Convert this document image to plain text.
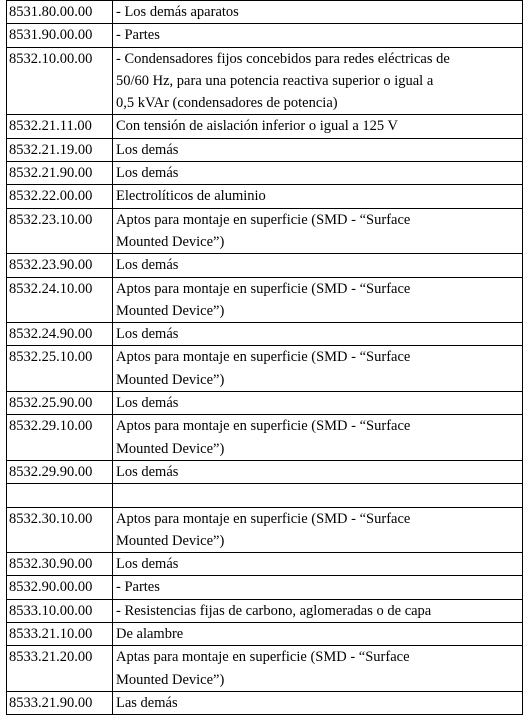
8531.80.00.00	- Los demás aparatos

8531.90.00.00	- Partes

8532.10.00.00	- Condensadores fijos concebidos para redes eléctricas de
50/60 Hz, para una potencia reactiva superior o igual a
0,5 kVAr (condensadores de potencia)

8532.21.11.00	Con tensión de aislación inferior o igual a 125 V

8532.21.19.00	Los demás

8532.21.90.00	Los demás

8532.22.00.00	Electrolíticos de aluminio

8532.23.10.00	Aptos para montaje en superficie (SMD - “Surface
Mounted Device”)

8532.23.90.00	Los demás

8532.24.10.00	Aptos para montaje en superficie (SMD - “Surface
Mounted Device”)

8532.24.90.00	Los demás

8532.25.10.00	Aptos para montaje en superficie (SMD - “Surface
Mounted Device”)

8532.25.90.00	Los demás

8532.29.10.00	Aptos para montaje en superficie (SMD - “Surface
Mounted Device”)

8532.29.90.00	Los demás

8532.30.10.00	Aptos para montaje en superficie (SMD - “Surface
Mounted Device”)

8532.30.90.00	Los demás

8532.90.00.00	- Partes

8533.10.00.00	- Resistencias fijas de carbono, aglomeradas o de capa

8533.21.10.00	De alambre

8533.21.20.00	Aptas para montaje en superficie (SMD - “Surface
Mounted Device”)

8533.21.90.00	Las demás
